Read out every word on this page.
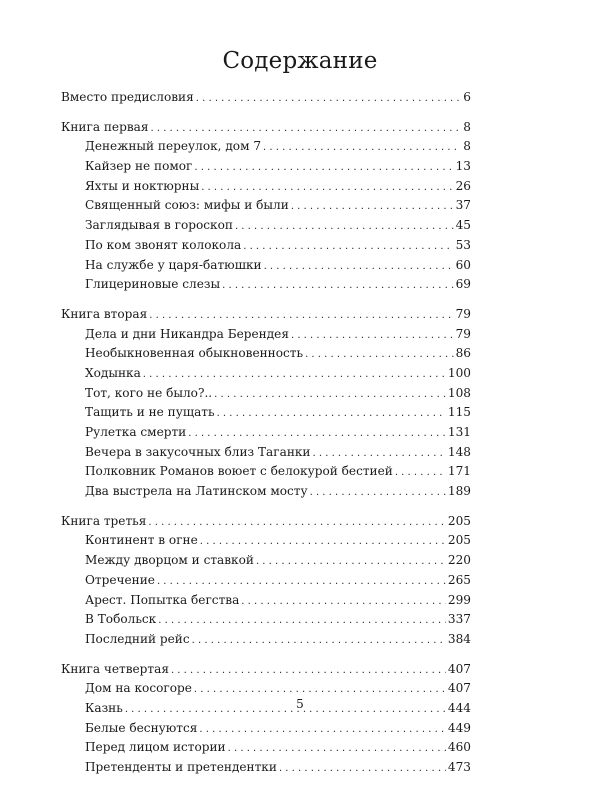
Содержание
Вместо предисловия . . .	6
Книга первая . . .	8
Денежный переулок, дом 7 . . .	8
Кайзер не помог . . .	13
Яхты и ноктюрны . . .	26
Священный союз: мифы и были . . .	37
Заглядывая в гороскоп . . .	45
По ком звонят колокола . . .	53
На службе у царя-батюшки . . .	60
Глицериновые слезы . . .	69
Книга вторая . . .	79
Дела и дни Никандра Берендея . . .	79
Необыкновенная обыкновенность . . .	86
Ходынка . . .	100
Тот, кого не было?.. . . .	108
Тащить и не пущать . . .	115
Рулетка смерти . . .	131
Вечера в закусочных близ Таганки . . .	148
Полковник Романов воюет с белокурой бестией . . .	171
Два выстрела на Латинском мосту . . .	189
Книга третья . . .	205
Континент в огне . . .	205
Между дворцом и ставкой . . .	220
Отречение . . .	265
Арест. Попытка бегства . . .	299
В Тобольск . . .	337
Последний рейс . . .	384
Книга четвертая . . .	407
Дом на косогоре . . .	407
Казнь . . .	444
Белые беснуются . . .	449
Перед лицом истории . . .	460
Претенденты и претендентки . . .	473
5
